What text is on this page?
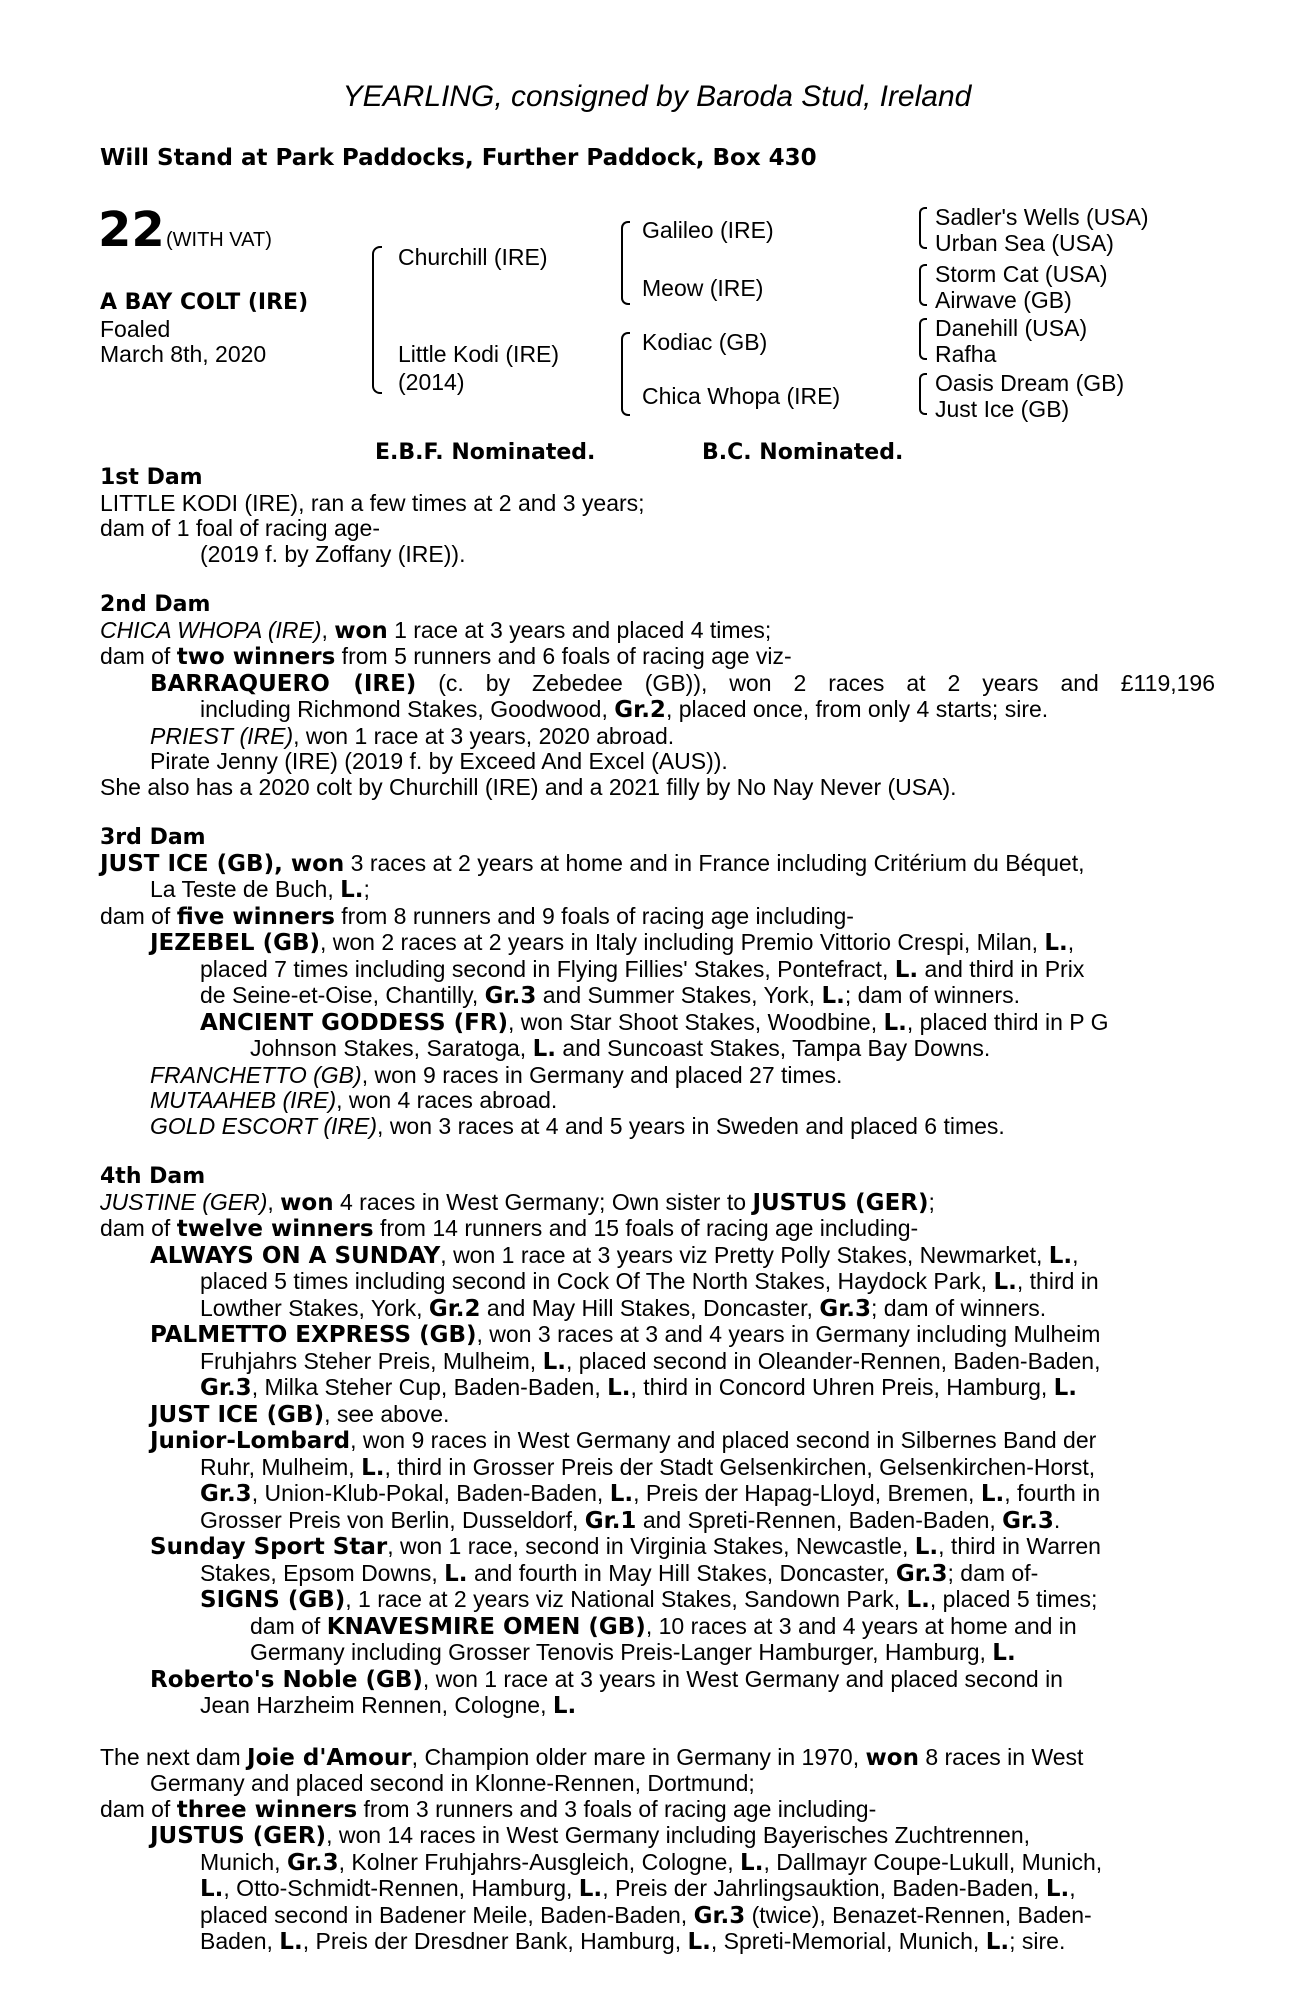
YEARLING, consigned by Baroda Stud, Ireland
Will Stand at Park Paddocks, Further Paddock, Box 430
22 (WITH VAT)
A BAY COLT (IRE)
Foaled
March 8th, 2020
Churchill (IRE)
Little Kodi (IRE)
(2014)
Galileo (IRE)
Meow (IRE)
Kodiac (GB)
Chica Whopa (IRE)
Sadler's Wells (USA)
Urban Sea (USA)
Storm Cat (USA)
Airwave (GB)
Danehill (USA)
Rafha
Oasis Dream (GB)
Just Ice (GB)
E.B.F. Nominated.	B.C. Nominated.

1st Dam

LITTLE KODI (IRE), ran a few times at 2 and 3 years;

dam of 1 foal of racing age-

(2019 f. by Zoffany (IRE)).

2nd Dam

CHICA WHOPA (IRE), won 1 race at 3 years and placed 4 times;

dam of two winners from 5 runners and 6 foals of racing age viz-

BARRAQUERO (IRE) (c. by Zebedee (GB)), won 2 races at 2 years and £119,196

including Richmond Stakes, Goodwood, Gr.2, placed once, from only 4 starts; sire.

PRIEST (IRE), won 1 race at 3 years, 2020 abroad.

Pirate Jenny (IRE) (2019 f. by Exceed And Excel (AUS)).

She also has a 2020 colt by Churchill (IRE) and a 2021 filly by No Nay Never (USA).

3rd Dam

JUST ICE (GB), won 3 races at 2 years at home and in France including Critérium du Béquet,

La Teste de Buch, L.;

dam of five winners from 8 runners and 9 foals of racing age including-

JEZEBEL (GB), won 2 races at 2 years in Italy including Premio Vittorio Crespi, Milan, L.,

placed 7 times including second in Flying Fillies' Stakes, Pontefract, L. and third in Prix

de Seine-et-Oise, Chantilly, Gr.3 and Summer Stakes, York, L.; dam of winners.

ANCIENT GODDESS (FR), won Star Shoot Stakes, Woodbine, L., placed third in P G

Johnson Stakes, Saratoga, L. and Suncoast Stakes, Tampa Bay Downs.

FRANCHETTO (GB), won 9 races in Germany and placed 27 times.

MUTAAHEB (IRE), won 4 races abroad.

GOLD ESCORT (IRE), won 3 races at 4 and 5 years in Sweden and placed 6 times.

4th Dam

JUSTINE (GER), won 4 races in West Germany; Own sister to JUSTUS (GER);

dam of twelve winners from 14 runners and 15 foals of racing age including-

ALWAYS ON A SUNDAY, won 1 race at 3 years viz Pretty Polly Stakes, Newmarket, L.,

placed 5 times including second in Cock Of The North Stakes, Haydock Park, L., third in

Lowther Stakes, York, Gr.2 and May Hill Stakes, Doncaster, Gr.3; dam of winners.

PALMETTO EXPRESS (GB), won 3 races at 3 and 4 years in Germany including Mulheim

Fruhjahrs Steher Preis, Mulheim, L., placed second in Oleander-Rennen, Baden-Baden,

Gr.3, Milka Steher Cup, Baden-Baden, L., third in Concord Uhren Preis, Hamburg, L.

JUST ICE (GB), see above.

Junior-Lombard, won 9 races in West Germany and placed second in Silbernes Band der

Ruhr, Mulheim, L., third in Grosser Preis der Stadt Gelsenkirchen, Gelsenkirchen-Horst,

Gr.3, Union-Klub-Pokal, Baden-Baden, L., Preis der Hapag-Lloyd, Bremen, L., fourth in

Grosser Preis von Berlin, Dusseldorf, Gr.1 and Spreti-Rennen, Baden-Baden, Gr.3.

Sunday Sport Star, won 1 race, second in Virginia Stakes, Newcastle, L., third in Warren

Stakes, Epsom Downs, L. and fourth in May Hill Stakes, Doncaster, Gr.3; dam of-

SIGNS (GB), 1 race at 2 years viz National Stakes, Sandown Park, L., placed 5 times;

dam of KNAVESMIRE OMEN (GB), 10 races at 3 and 4 years at home and in

Germany including Grosser Tenovis Preis-Langer Hamburger, Hamburg, L.

Roberto's Noble (GB), won 1 race at 3 years in West Germany and placed second in

Jean Harzheim Rennen, Cologne, L.

The next dam Joie d'Amour, Champion older mare in Germany in 1970, won 8 races in West

Germany and placed second in Klonne-Rennen, Dortmund;

dam of three winners from 3 runners and 3 foals of racing age including-

JUSTUS (GER), won 14 races in West Germany including Bayerisches Zuchtrennen,

Munich, Gr.3, Kolner Fruhjahrs-Ausgleich, Cologne, L., Dallmayr Coupe-Lukull, Munich,

L., Otto-Schmidt-Rennen, Hamburg, L., Preis der Jahrlingsauktion, Baden-Baden, L.,

placed second in Badener Meile, Baden-Baden, Gr.3 (twice), Benazet-Rennen, Baden-

Baden, L., Preis der Dresdner Bank, Hamburg, L., Spreti-Memorial, Munich, L.; sire.
